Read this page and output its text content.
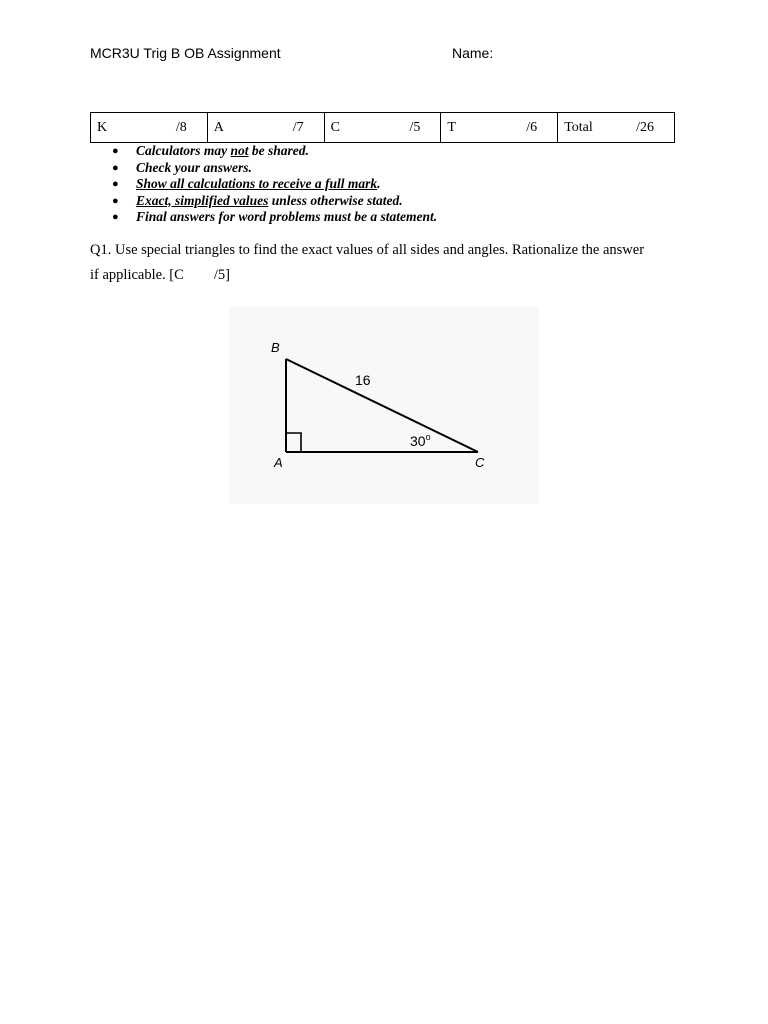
MCR3U Trig B OB Assignment	Name:
K	/8	A	/7	C	/5	T	/6	Total	/26
● Calculators may not be shared.
● Check your answers.
● Show all calculations to receive a full mark.
● Exact, simplified values unless otherwise stated.
● Final answers for word problems must be a statement.
Q1. Use special triangles to find the exact values of all sides and angles. Rationalize the answer if applicable. [C /5]
B
A	C
16
30$^o$
